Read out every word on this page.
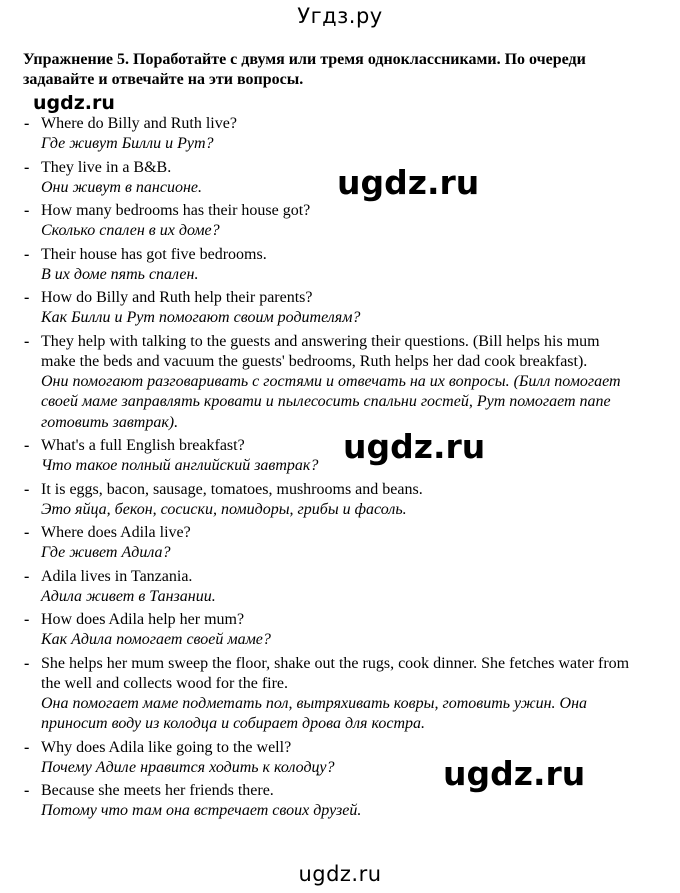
Угдз.ру
Упражнение 5. Поработайте с двумя или тремя одноклассниками. По очереди задавайте и отвечайте на эти вопросы.
ugdz.ru
- Where do Billy and Ruth live?
Где живут Билли и Рут?
- They live in a B&B.
Они живут в пансионе.
- How many bedrooms has their house got?
Сколько спален в их доме?
- Their house has got five bedrooms.
В их доме пять спален.
- How do Billy and Ruth help their parents?
Как Билли и Рут помогают своим родителям?
- They help with talking to the guests and answering their questions. (Bill helps his mum make the beds and vacuum the guests' bedrooms, Ruth helps her dad cook breakfast).
Они помогают разговаривать с гостями и отвечать на их вопросы. (Билл помогает своей маме заправлять кровати и пылесосить спальни гостей, Рут помогает папе готовить завтрак).
- What's a full English breakfast?
Что такое полный английский завтрак?
- It is eggs, bacon, sausage, tomatoes, mushrooms and beans.
Это яйца, бекон, сосиски, помидоры, грибы и фасоль.
- Where does Adila live?
Где живет Адила?
- Adila lives in Tanzania.
Адила живет в Танзании.
- How does Adila help her mum?
Как Адила помогает своей маме?
- She helps her mum sweep the floor, shake out the rugs, cook dinner. She fetches water from the well and collects wood for the fire.
Она помогает маме подметать пол, вытряхивать ковры, готовить ужин. Она приносит воду из колодца и собирает дрова для костра.
- Why does Adila like going to the well?
Почему Адиле нравится ходить к колодцу?
- Because she meets her friends there.
Потому что там она встречает своих друзей.
ugdz.ru
ugdz.ru
ugdz.ru
ugdz.ru
